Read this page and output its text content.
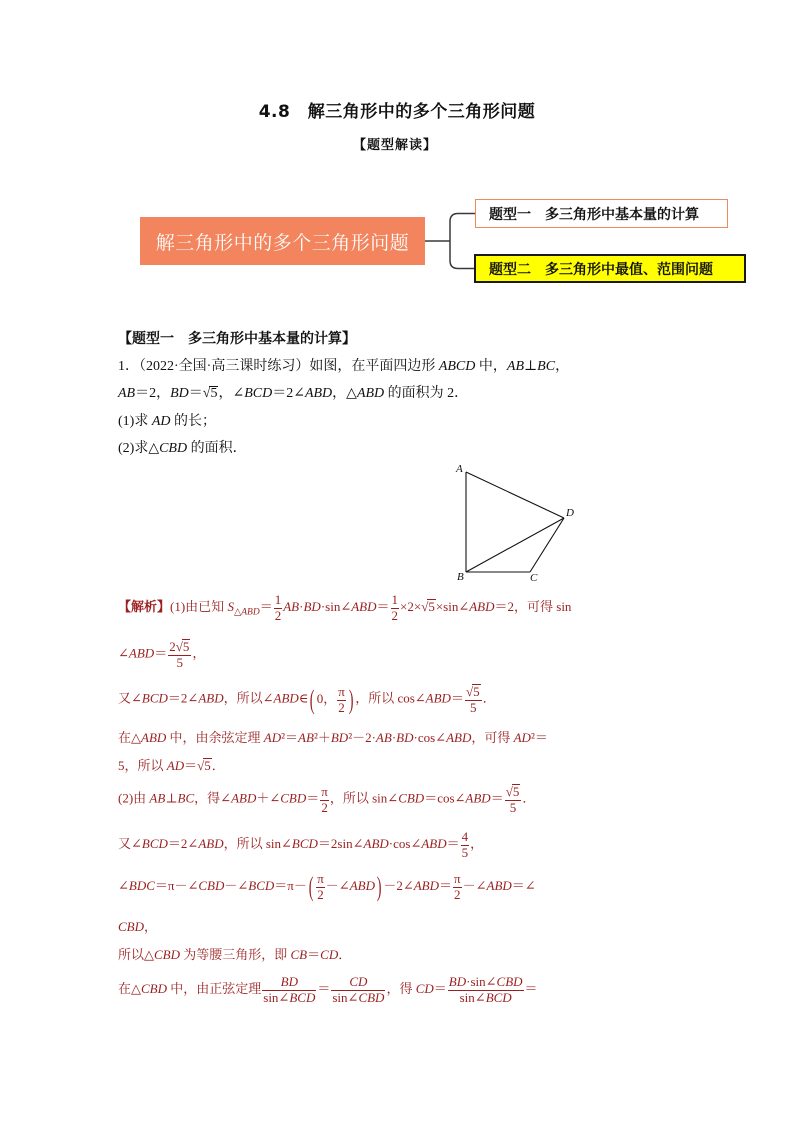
4.8　解三角形中的多个三角形问题
【题型解读】
解三角形中的多个三角形问题
题型一　多三角形中基本量的计算
题型二　多三角形中最值、范围问题
【题型一　多三角形中基本量的计算】
1．（2022·全国·高三课时练习）如图，在平面四边形 ABCD 中，AB⊥BC，
AB＝2，BD＝√5，∠BCD＝2∠ABD，△ABD 的面积为 2．
(1)求 AD 的长；
(2)求△CBD 的面积．
A
B	C
D
【解析】(1)由已知 $S_{\triangle ABD}= \frac{1}{2}$ AB·BD·sin∠ABD＝ $\frac{1}{2}$ ×2×√5×sin∠ABD＝2，可得 sin
∠ABD＝ $\frac{2√5}{5}$ ，
又∠BCD＝2∠ABD，所以∠ABD∈ ( 0， $\frac{\pi}{2}$ ) ，所以 cos∠ABD＝ $\frac{√5}{5}$ ．
在△ABD 中，由余弦定理 AD²＝AB²＋BD²－2·AB·BD·cos∠ABD，可得 AD²＝
5，所以 AD＝√5．
(2)由 AB⊥BC，得∠ABD＋∠CBD＝ $\frac{\pi}{2}$ ，所以 sin∠CBD＝cos∠ABD＝ $\frac{√5}{5}$ ．
又∠BCD＝2∠ABD，所以 sin∠BCD＝2sin∠ABD·cos∠ABD＝ $\frac{4}{5}$ ，
∠BDC＝π－∠CBD－∠BCD＝π－ ( $\frac{\pi}{2}$ －∠ABD ) －2∠ABD＝ $\frac{\pi}{2}$ －∠ABD＝∠
CBD，
所以△CBD 为等腰三角形，即 CB＝CD．
在△CBD 中，由正弦定理 $\frac{BD}{\text{sin∠BCD}} = \frac{CD}{\text{sin∠CBD}}$ ，得 $CD= \frac{\text{BD·sin∠CBD}}{\text{sin∠BCD}}$ ＝
